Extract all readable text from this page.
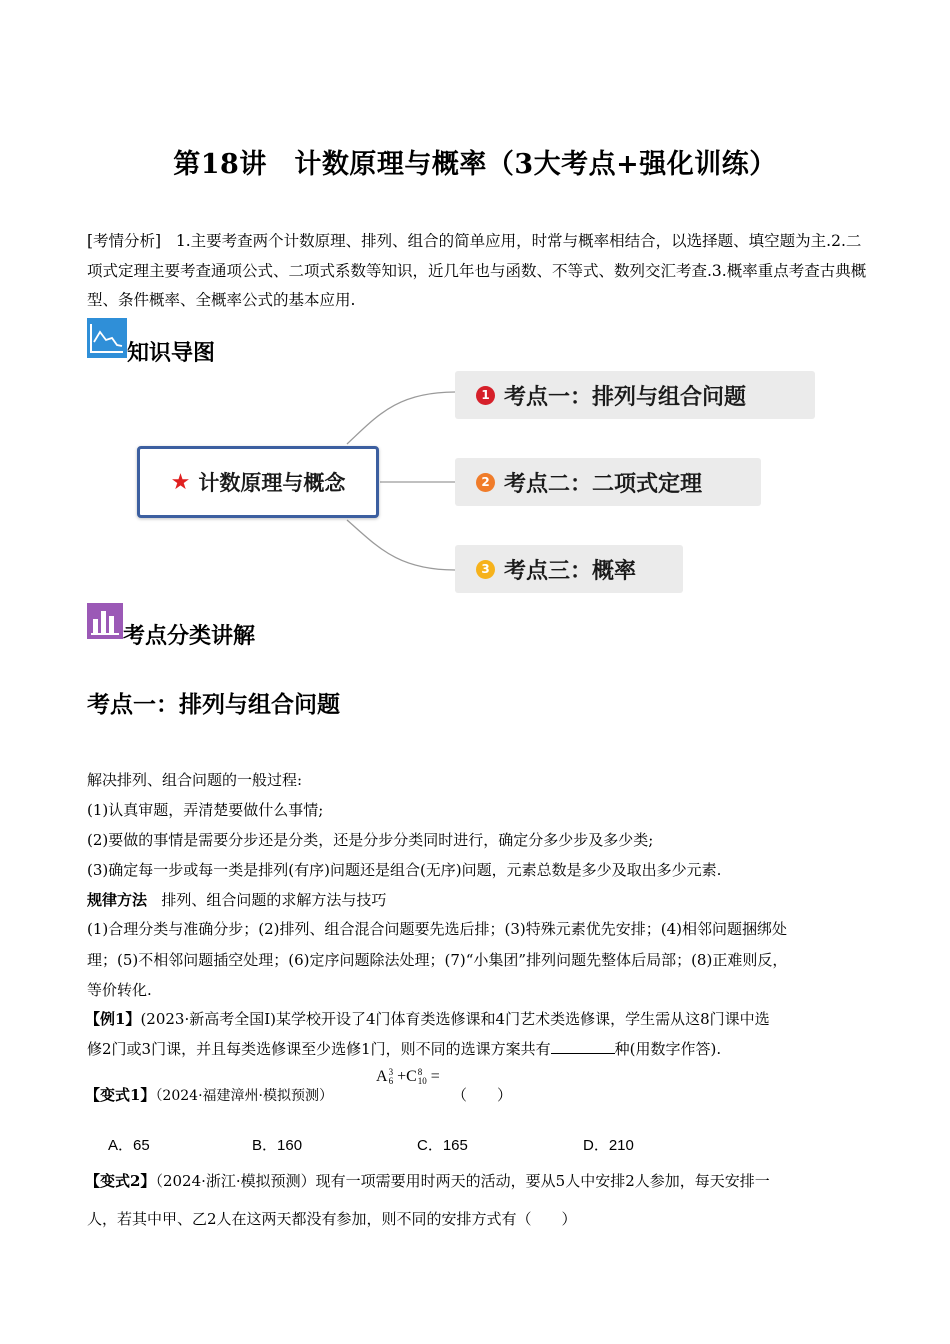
第18讲　计数原理与概率（3大考点+强化训练）
[考情分析] 1.主要考查两个计数原理、排列、组合的简单应用，时常与概率相结合，以选择题、填空题为主.2.二项式定理主要考查通项公式、二项式系数等知识，近几年也与函数、不等式、数列交汇考查.3.概率重点考查古典概型、条件概率、全概率公式的基本应用.
知识导图
★ 计数原理与概念
1 考点一：排列与组合问题
2 考点二：二项式定理
3 考点三：概率
考点分类讲解
考点一：排列与组合问题
解决排列、组合问题的一般过程:
(1)认真审题，弄清楚要做什么事情;
(2)要做的事情是需要分步还是分类，还是分步分类同时进行，确定分多少步及多少类;
(3)确定每一步或每一类是排列(有序)问题还是组合(无序)问题，元素总数是多少及取出多少元素.
规律方法 排列、组合问题的求解方法与技巧
(1)合理分类与准确分步；(2)排列、组合混合问题要先选后排；(3)特殊元素优先安排；(4)相邻问题捆绑处
理；(5)不相邻问题插空处理；(6)定序问题除法处理；(7)“小集团”排列问题先整体后局部；(8)正难则反，
等价转化.
【例1】(2023·新高考全国Ⅰ)某学校开设了4门体育类选修课和4门艺术类选修课，学生需从这8门课中选
修2门或3门课，并且每类选修课至少选修1门，则不同的选课方案共有	种(用数字作答).
【变式1】（2024·福建漳州·模拟预测）
A 3
6 +C 8
10 =
（　　）
A．65	B．160	C．165	D．210
【变式2】（2024·浙江·模拟预测）现有一项需要用时两天的活动，要从5人中安排2人参加，每天安排一
人，若其中甲、乙2人在这两天都没有参加，则不同的安排方式有（　　）
